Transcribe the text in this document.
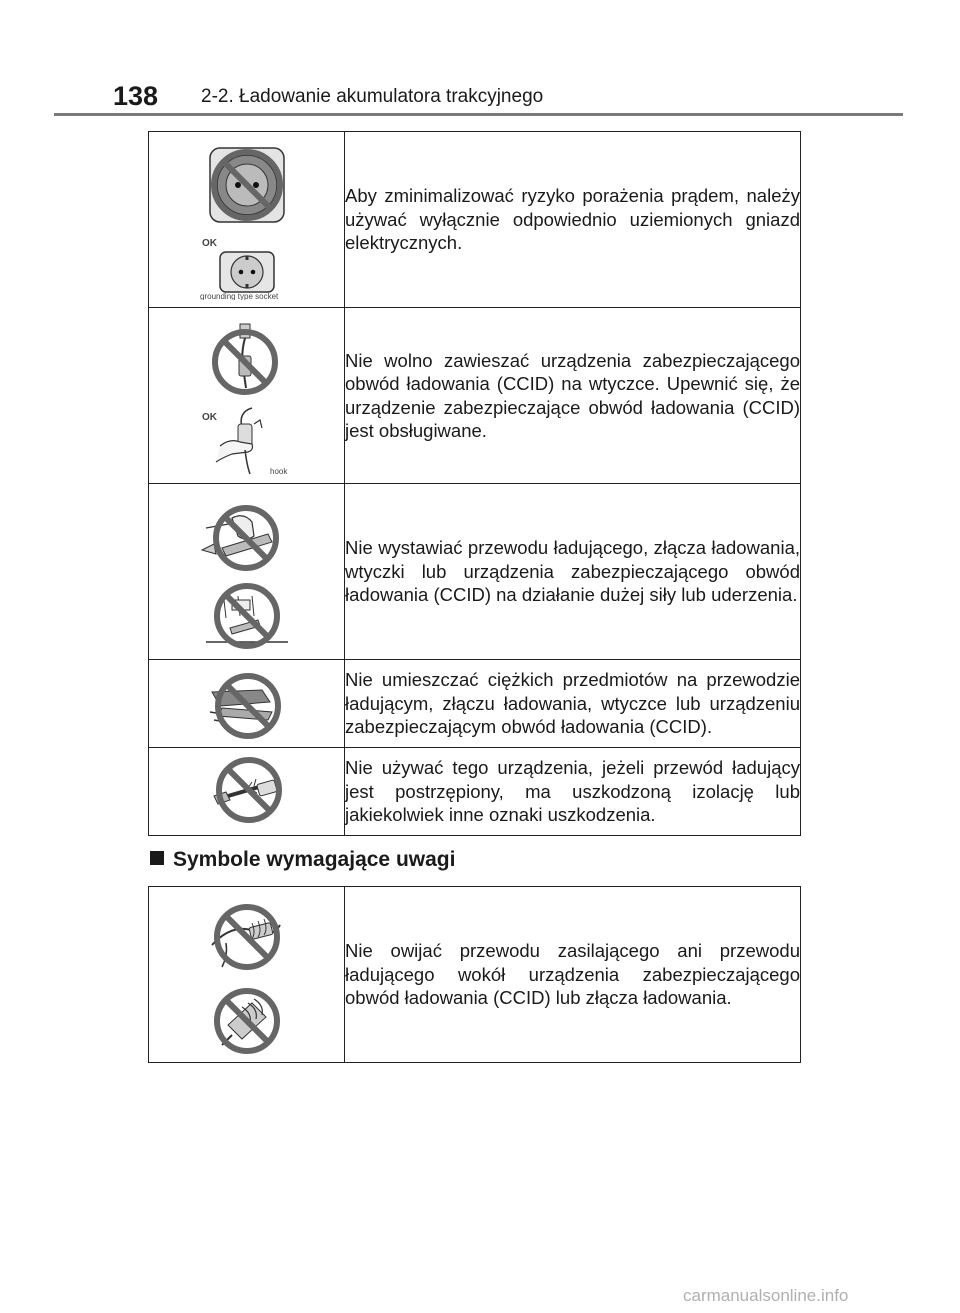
138 2-2. Ładowanie akumulatora trakcyjnego
OK
grounding type socket	Aby zminimalizować ryzyko porażenia prądem, należy używać wyłącznie odpowiednio uziemionych gniazd elektrycznych.

OK
hook	Nie wolno zawieszać urządzenia zabezpieczającego obwód ładowania (CCID) na wtyczce. Upewnić się, że urządzenie zabezpieczające obwód ładowania (CCID) jest obsługiwane.

	Nie wystawiać przewodu ładującego, złącza ładowania, wtyczki lub urządzenia zabezpieczającego obwód ładowania (CCID) na działanie dużej siły lub uderzenia.

	Nie umieszczać ciężkich przedmiotów na przewodzie ładującym, złączu ładowania, wtyczce lub urządzeniu zabezpieczającym obwód ładowania (CCID).

	Nie używać tego urządzenia, jeżeli przewód ładujący jest postrzępiony, ma uszkodzoną izolację lub jakiekolwiek inne oznaki uszkodzenia.
Symbole wymagające uwagi
	Nie owijać przewodu zasilającego ani przewodu ładującego wokół urządzenia zabezpieczającego obwód ładowania (CCID) lub złącza ładowania.
carmanualsonline.info
